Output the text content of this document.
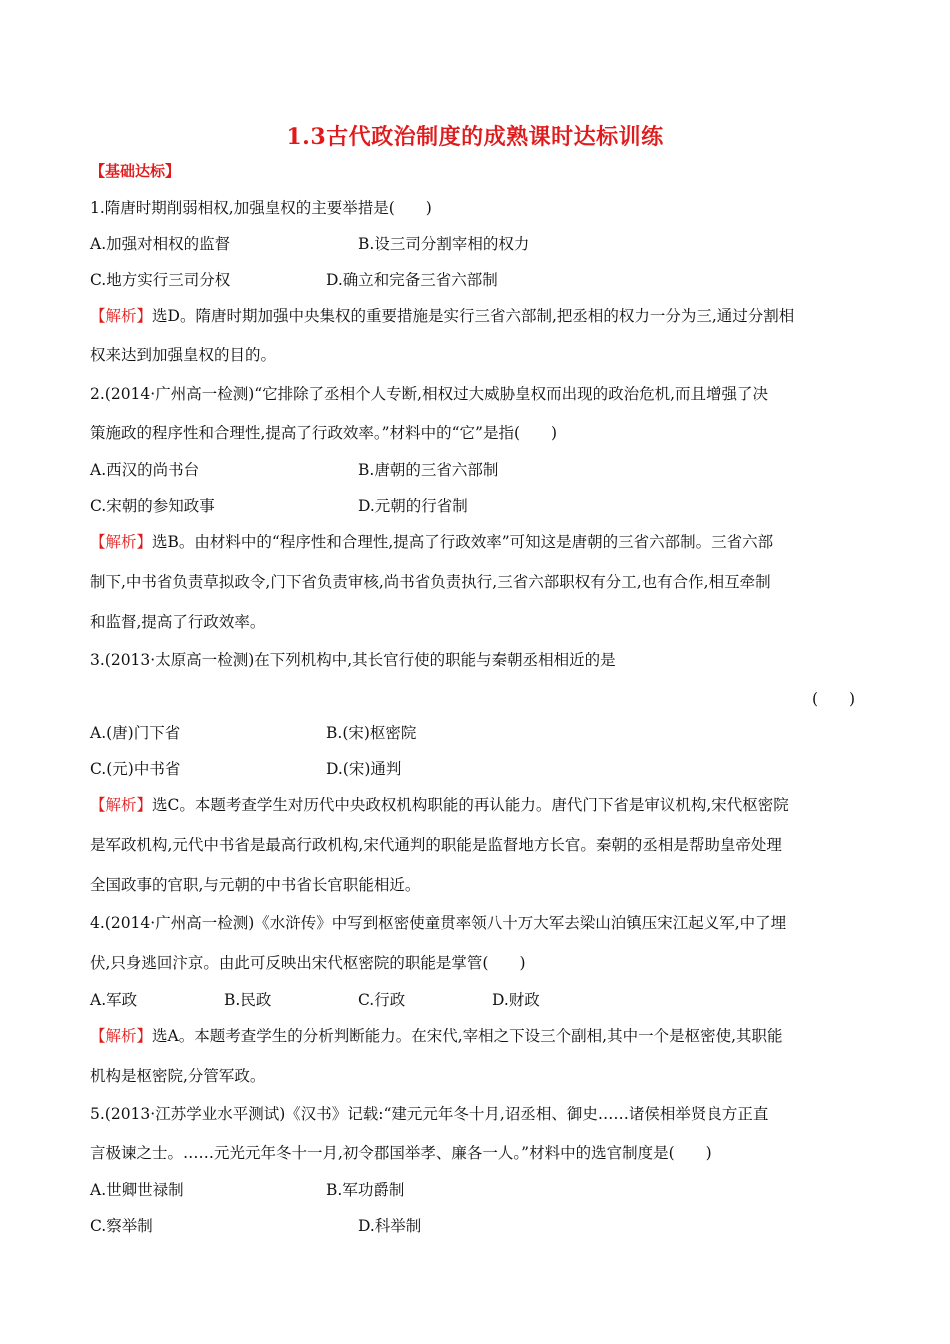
1.3古代政治制度的成熟课时达标训练
【基础达标】
1.隋唐时期削弱相权,加强皇权的主要举措是(　　)
A.加强对相权的监督	B.设三司分割宰相的权力
C.地方实行三司分权	D.确立和完备三省六部制
【解析】选D。隋唐时期加强中央集权的重要措施是实行三省六部制,把丞相的权力一分为三,通过分割相
权来达到加强皇权的目的。
2.(2014·广州高一检测)“它排除了丞相个人专断,相权过大威胁皇权而出现的政治危机,而且增强了决
策施政的程序性和合理性,提高了行政效率。”材料中的“它”是指(　　)
A.西汉的尚书台	B.唐朝的三省六部制
C.宋朝的参知政事	D.元朝的行省制
【解析】选B。由材料中的“程序性和合理性,提高了行政效率”可知这是唐朝的三省六部制。三省六部
制下,中书省负责草拟政令,门下省负责审核,尚书省负责执行,三省六部职权有分工,也有合作,相互牵制
和监督,提高了行政效率。
3.(2013·太原高一检测)在下列机构中,其长官行使的职能与秦朝丞相相近的是
(　　)
A.(唐)门下省	B.(宋)枢密院
C.(元)中书省	D.(宋)通判
【解析】选C。本题考查学生对历代中央政权机构职能的再认能力。唐代门下省是审议机构,宋代枢密院
是军政机构,元代中书省是最高行政机构,宋代通判的职能是监督地方长官。秦朝的丞相是帮助皇帝处理
全国政事的官职,与元朝的中书省长官职能相近。
4.(2014·广州高一检测)《水浒传》中写到枢密使童贯率领八十万大军去梁山泊镇压宋江起义军,中了埋
伏,只身逃回汴京。由此可反映出宋代枢密院的职能是掌管(　　)
A.军政	B.民政	C.行政	D.财政
【解析】选A。本题考查学生的分析判断能力。在宋代,宰相之下设三个副相,其中一个是枢密使,其职能
机构是枢密院,分管军政。
5.(2013·江苏学业水平测试)《汉书》记载:“建元元年冬十月,诏丞相、御史……诸侯相举贤良方正直
言极谏之士。……元光元年冬十一月,初令郡国举孝、廉各一人。”材料中的选官制度是(　　)
A.世卿世禄制	B.军功爵制
C.察举制	D.科举制
